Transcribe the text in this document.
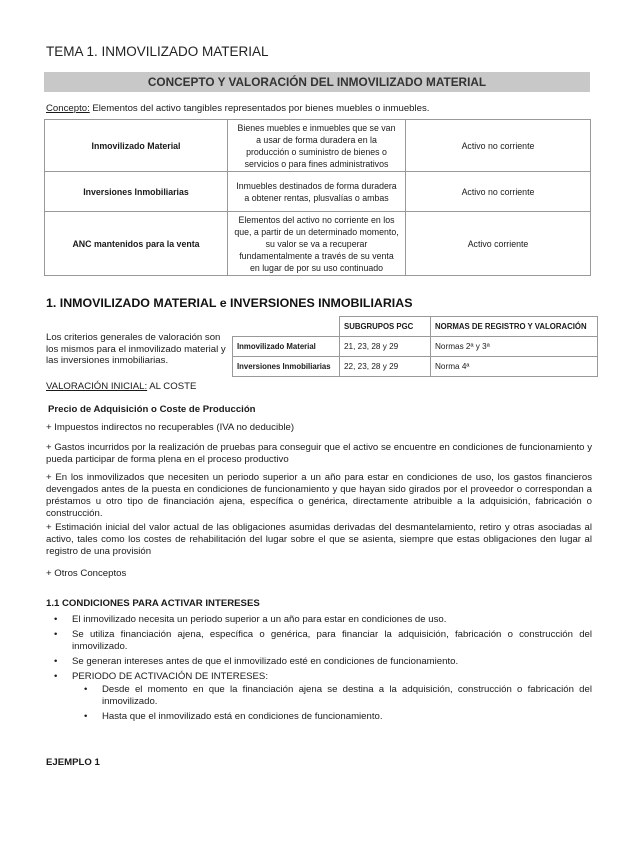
TEMA 1. INMOVILIZADO MATERIAL
CONCEPTO Y VALORACIÓN DEL INMOVILIZADO MATERIAL
Concepto: Elementos del activo tangibles representados por bienes muebles o inmuebles.
Inmovilizado Material	Bienes muebles e inmuebles que se van a usar de forma duradera en la producción o suministro de bienes o servicios o para fines administrativos	Activo no corriente
Inversiones Inmobiliarias	Inmuebles destinados de forma duradera a obtener rentas, plusvalías o ambas	Activo no corriente
ANC mantenidos para la venta	Elementos del activo no corriente en los que, a partir de un determinado momento, su valor se va a recuperar fundamentalmente a través de su venta en lugar de por su uso continuado	Activo corriente
1. INMOVILIZADO MATERIAL e INVERSIONES INMOBILIARIAS
Los criterios generales de valoración son los mismos para el inmovilizado material y las inversiones inmobiliarias.
	SUBGRUPOS PGC	NORMAS DE REGISTRO Y VALORACIÓN
Inmovilizado Material	21, 23, 28 y 29	Normas 2ª y 3ª
Inversiones Inmobiliarias	22, 23, 28 y 29	Norma 4ª
VALORACIÓN INICIAL: AL COSTE
Precio de Adquisición o Coste de Producción
+ Impuestos indirectos no recuperables (IVA no deducible)
+ Gastos incurridos por la realización de pruebas para conseguir que el activo se encuentre en condiciones de funcionamiento y pueda participar de forma plena en el proceso productivo
+ En los inmovilizados que necesiten un periodo superior a un año para estar en condiciones de uso, los gastos financieros devengados antes de la puesta en condiciones de funcionamiento y que hayan sido girados por el proveedor o correspondan a préstamos u otro tipo de financiación ajena, específica o genérica, directamente atribuible a la adquisición, fabricación o construcción.
+ Estimación inicial del valor actual de las obligaciones asumidas derivadas del desmantelamiento, retiro y otras asociadas al activo, tales como los costes de rehabilitación del lugar sobre el que se asienta, siempre que estas obligaciones den lugar al registro de una provisión
+ Otros Conceptos
1.1 CONDICIONES PARA ACTIVAR INTERESES
• El inmovilizado necesita un periodo superior a un año para estar en condiciones de uso.
• Se utiliza financiación ajena, específica o genérica, para financiar la adquisición, fabricación o construcción del inmovilizado.
• Se generan intereses antes de que el inmovilizado esté en condiciones de funcionamiento.
• PERIODO DE ACTIVACIÓN DE INTERESES:
• Desde el momento en que la financiación ajena se destina a la adquisición, construcción o fabricación del inmovilizado.
• Hasta que el inmovilizado está en condiciones de funcionamiento.
EJEMPLO 1
